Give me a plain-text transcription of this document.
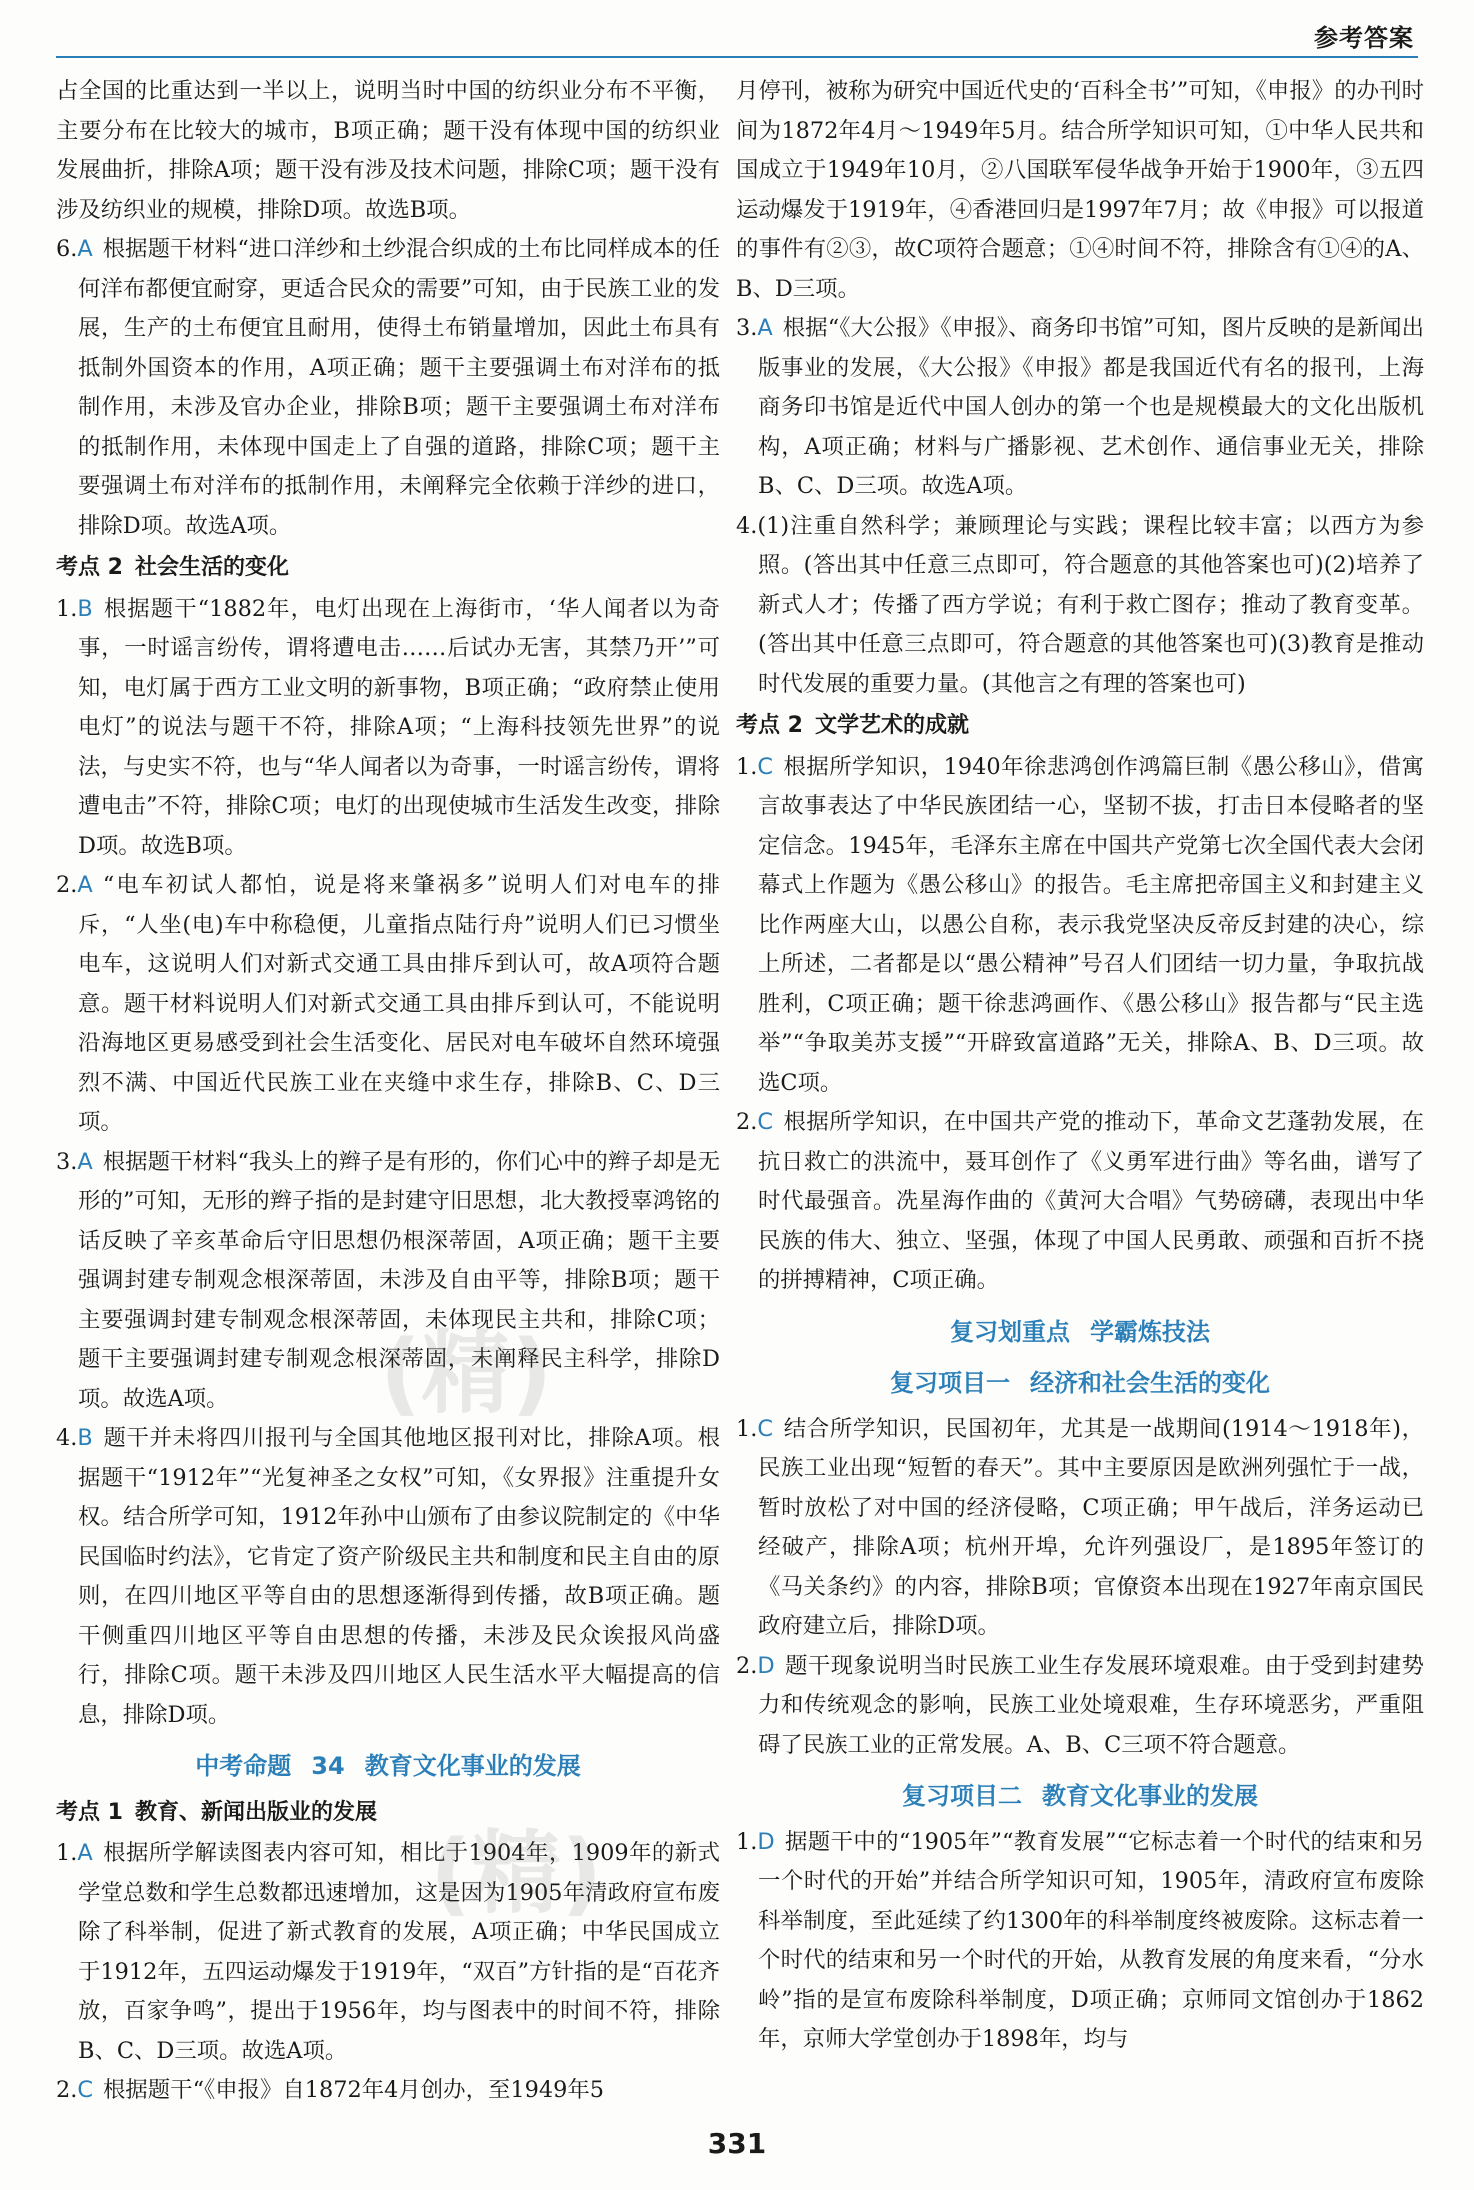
参考答案

占全国的比重达到一半以上，说明当时中国的纺织业分布不平衡，主要分布在比较大的城市，B项正确；题干没有体现中国的纺织业发展曲折，排除A项；题干没有涉及技术问题，排除C项；题干没有涉及纺织业的规模，排除D项。故选B项。

6.A 根据题干材料“进口洋纱和土纱混合织成的土布比同样成本的任何洋布都便宜耐穿，更适合民众的需要”可知，由于民族工业的发展，生产的土布便宜且耐用，使得土布销量增加，因此土布具有抵制外国资本的作用，A项正确；题干主要强调土布对洋布的抵制作用，未涉及官办企业，排除B项；题干主要强调土布对洋布的抵制作用，未体现中国走上了自强的道路，排除C项；题干主要强调土布对洋布的抵制作用，未阐释完全依赖于洋纱的进口，排除D项。故选A项。

考点 2 社会生活的变化

1.B 根据题干“1882年，电灯出现在上海街市，‘华人闻者以为奇事，一时谣言纷传，谓将遭电击……后试办无害，其禁乃开’”可知，电灯属于西方工业文明的新事物，B项正确；“政府禁止使用电灯”的说法与题干不符，排除A项；“上海科技领先世界”的说法，与史实不符，也与“华人闻者以为奇事，一时谣言纷传，谓将遭电击”不符，排除C项；电灯的出现使城市生活发生改变，排除D项。故选B项。

2.A “电车初试人都怕，说是将来肇祸多”说明人们对电车的排斥，“人坐(电)车中称稳便，儿童指点陆行舟”说明人们已习惯坐电车，这说明人们对新式交通工具由排斥到认可，故A项符合题意。题干材料说明人们对新式交通工具由排斥到认可，不能说明沿海地区更易感受到社会生活变化、居民对电车破坏自然环境强烈不满、中国近代民族工业在夹缝中求生存，排除B、C、D三项。

3.A 根据题干材料“我头上的辫子是有形的，你们心中的辫子却是无形的”可知，无形的辫子指的是封建守旧思想，北大教授辜鸿铭的话反映了辛亥革命后守旧思想仍根深蒂固，A项正确；题干主要强调封建专制观念根深蒂固，未涉及自由平等，排除B项；题干主要强调封建专制观念根深蒂固，未体现民主共和，排除C项；题干主要强调封建专制观念根深蒂固，未阐释民主科学，排除D项。故选A项。

4.B 题干并未将四川报刊与全国其他地区报刊对比，排除A项。根据题干“1912年”“光复神圣之女权”可知，《女界报》注重提升女权。结合所学可知，1912年孙中山颁布了由参议院制定的《中华民国临时约法》，它肯定了资产阶级民主共和制度和民主自由的原则，在四川地区平等自由的思想逐渐得到传播，故B项正确。题干侧重四川地区平等自由思想的传播，未涉及民众诶报风尚盛行，排除C项。题干未涉及四川地区人民生活水平大幅提高的信息，排除D项。

中考命题 34 教育文化事业的发展
考点 1 教育、新闻出版业的发展

1.A 根据所学解读图表内容可知，相比于1904年，1909年的新式学堂总数和学生总数都迅速增加，这是因为1905年清政府宣布废除了科举制，促进了新式教育的发展，A项正确；中华民国成立于1912年，五四运动爆发于1919年，“双百”方针指的是“百花齐放，百家争鸣”，提出于1956年，均与图表中的时间不符，排除B、C、D三项。故选A项。

2.C 根据题干“《申报》自1872年4月创办，至1949年5

月停刊，被称为研究中国近代史的‘百科全书’”可知，《申报》的办刊时间为1872年4月～1949年5月。结合所学知识可知，①中华人民共和国成立于1949年10月，②八国联军侵华战争开始于1900年，③五四运动爆发于1919年，④香港回归是1997年7月；故《申报》可以报道的事件有②③，故C项符合题意；①④时间不符，排除含有①④的A、B、D三项。

3.A 根据“《大公报》《申报》、商务印书馆”可知，图片反映的是新闻出版事业的发展，《大公报》《申报》都是我国近代有名的报刊，上海商务印书馆是近代中国人创办的第一个也是规模最大的文化出版机构，A项正确；材料与广播影视、艺术创作、通信事业无关，排除B、C、D三项。故选A项。

4.(1)注重自然科学；兼顾理论与实践；课程比较丰富；以西方为参照。(答出其中任意三点即可，符合题意的其他答案也可)(2)培养了新式人才；传播了西方学说；有利于救亡图存；推动了教育变革。(答出其中任意三点即可，符合题意的其他答案也可)(3)教育是推动时代发展的重要力量。(其他言之有理的答案也可)

考点 2 文学艺术的成就

1.C 根据所学知识，1940年徐悲鸿创作鸿篇巨制《愚公移山》，借寓言故事表达了中华民族团结一心，坚韧不拔，打击日本侵略者的坚定信念。1945年，毛泽东主席在中国共产党第七次全国代表大会闭幕式上作题为《愚公移山》的报告。毛主席把帝国主义和封建主义比作两座大山，以愚公自称，表示我党坚决反帝反封建的决心，综上所述，二者都是以“愚公精神”号召人们团结一切力量，争取抗战胜利，C项正确；题干徐悲鸿画作、《愚公移山》报告都与“民主选举”“争取美苏支援”“开辟致富道路”无关，排除A、B、D三项。故选C项。

2.C 根据所学知识，在中国共产党的推动下，革命文艺蓬勃发展，在抗日救亡的洪流中，聂耳创作了《义勇军进行曲》等名曲，谱写了时代最强音。冼星海作曲的《黄河大合唱》气势磅礴，表现出中华民族的伟大、独立、坚强，体现了中国人民勇敢、顽强和百折不挠的拼搏精神，C项正确。

复习划重点 学霸炼技法
复习项目一 经济和社会生活的变化

1.C 结合所学知识，民国初年，尤其是一战期间(1914～1918年)，民族工业出现“短暂的春天”。其中主要原因是欧洲列强忙于一战，暂时放松了对中国的经济侵略，C项正确；甲午战后，洋务运动已经破产，排除A项；杭州开埠，允许列强设厂，是1895年签订的《马关条约》的内容，排除B项；官僚资本出现在1927年南京国民政府建立后，排除D项。

2.D 题干现象说明当时民族工业生存发展环境艰难。由于受到封建势力和传统观念的影响，民族工业处境艰难，生存环境恶劣，严重阻碍了民族工业的正常发展。A、B、C三项不符合题意。

复习项目二 教育文化事业的发展

1.D 据题干中的“1905年”“教育发展”“它标志着一个时代的结束和另一个时代的开始”并结合所学知识可知，1905年，清政府宣布废除科举制度，至此延续了约1300年的科举制度终被废除。这标志着一个时代的结束和另一个时代的开始，从教育发展的角度来看，“分水岭”指的是宣布废除科举制度，D项正确；京师同文馆创办于1862年，京师大学堂创办于1898年，均与

(精)
(精)
331
